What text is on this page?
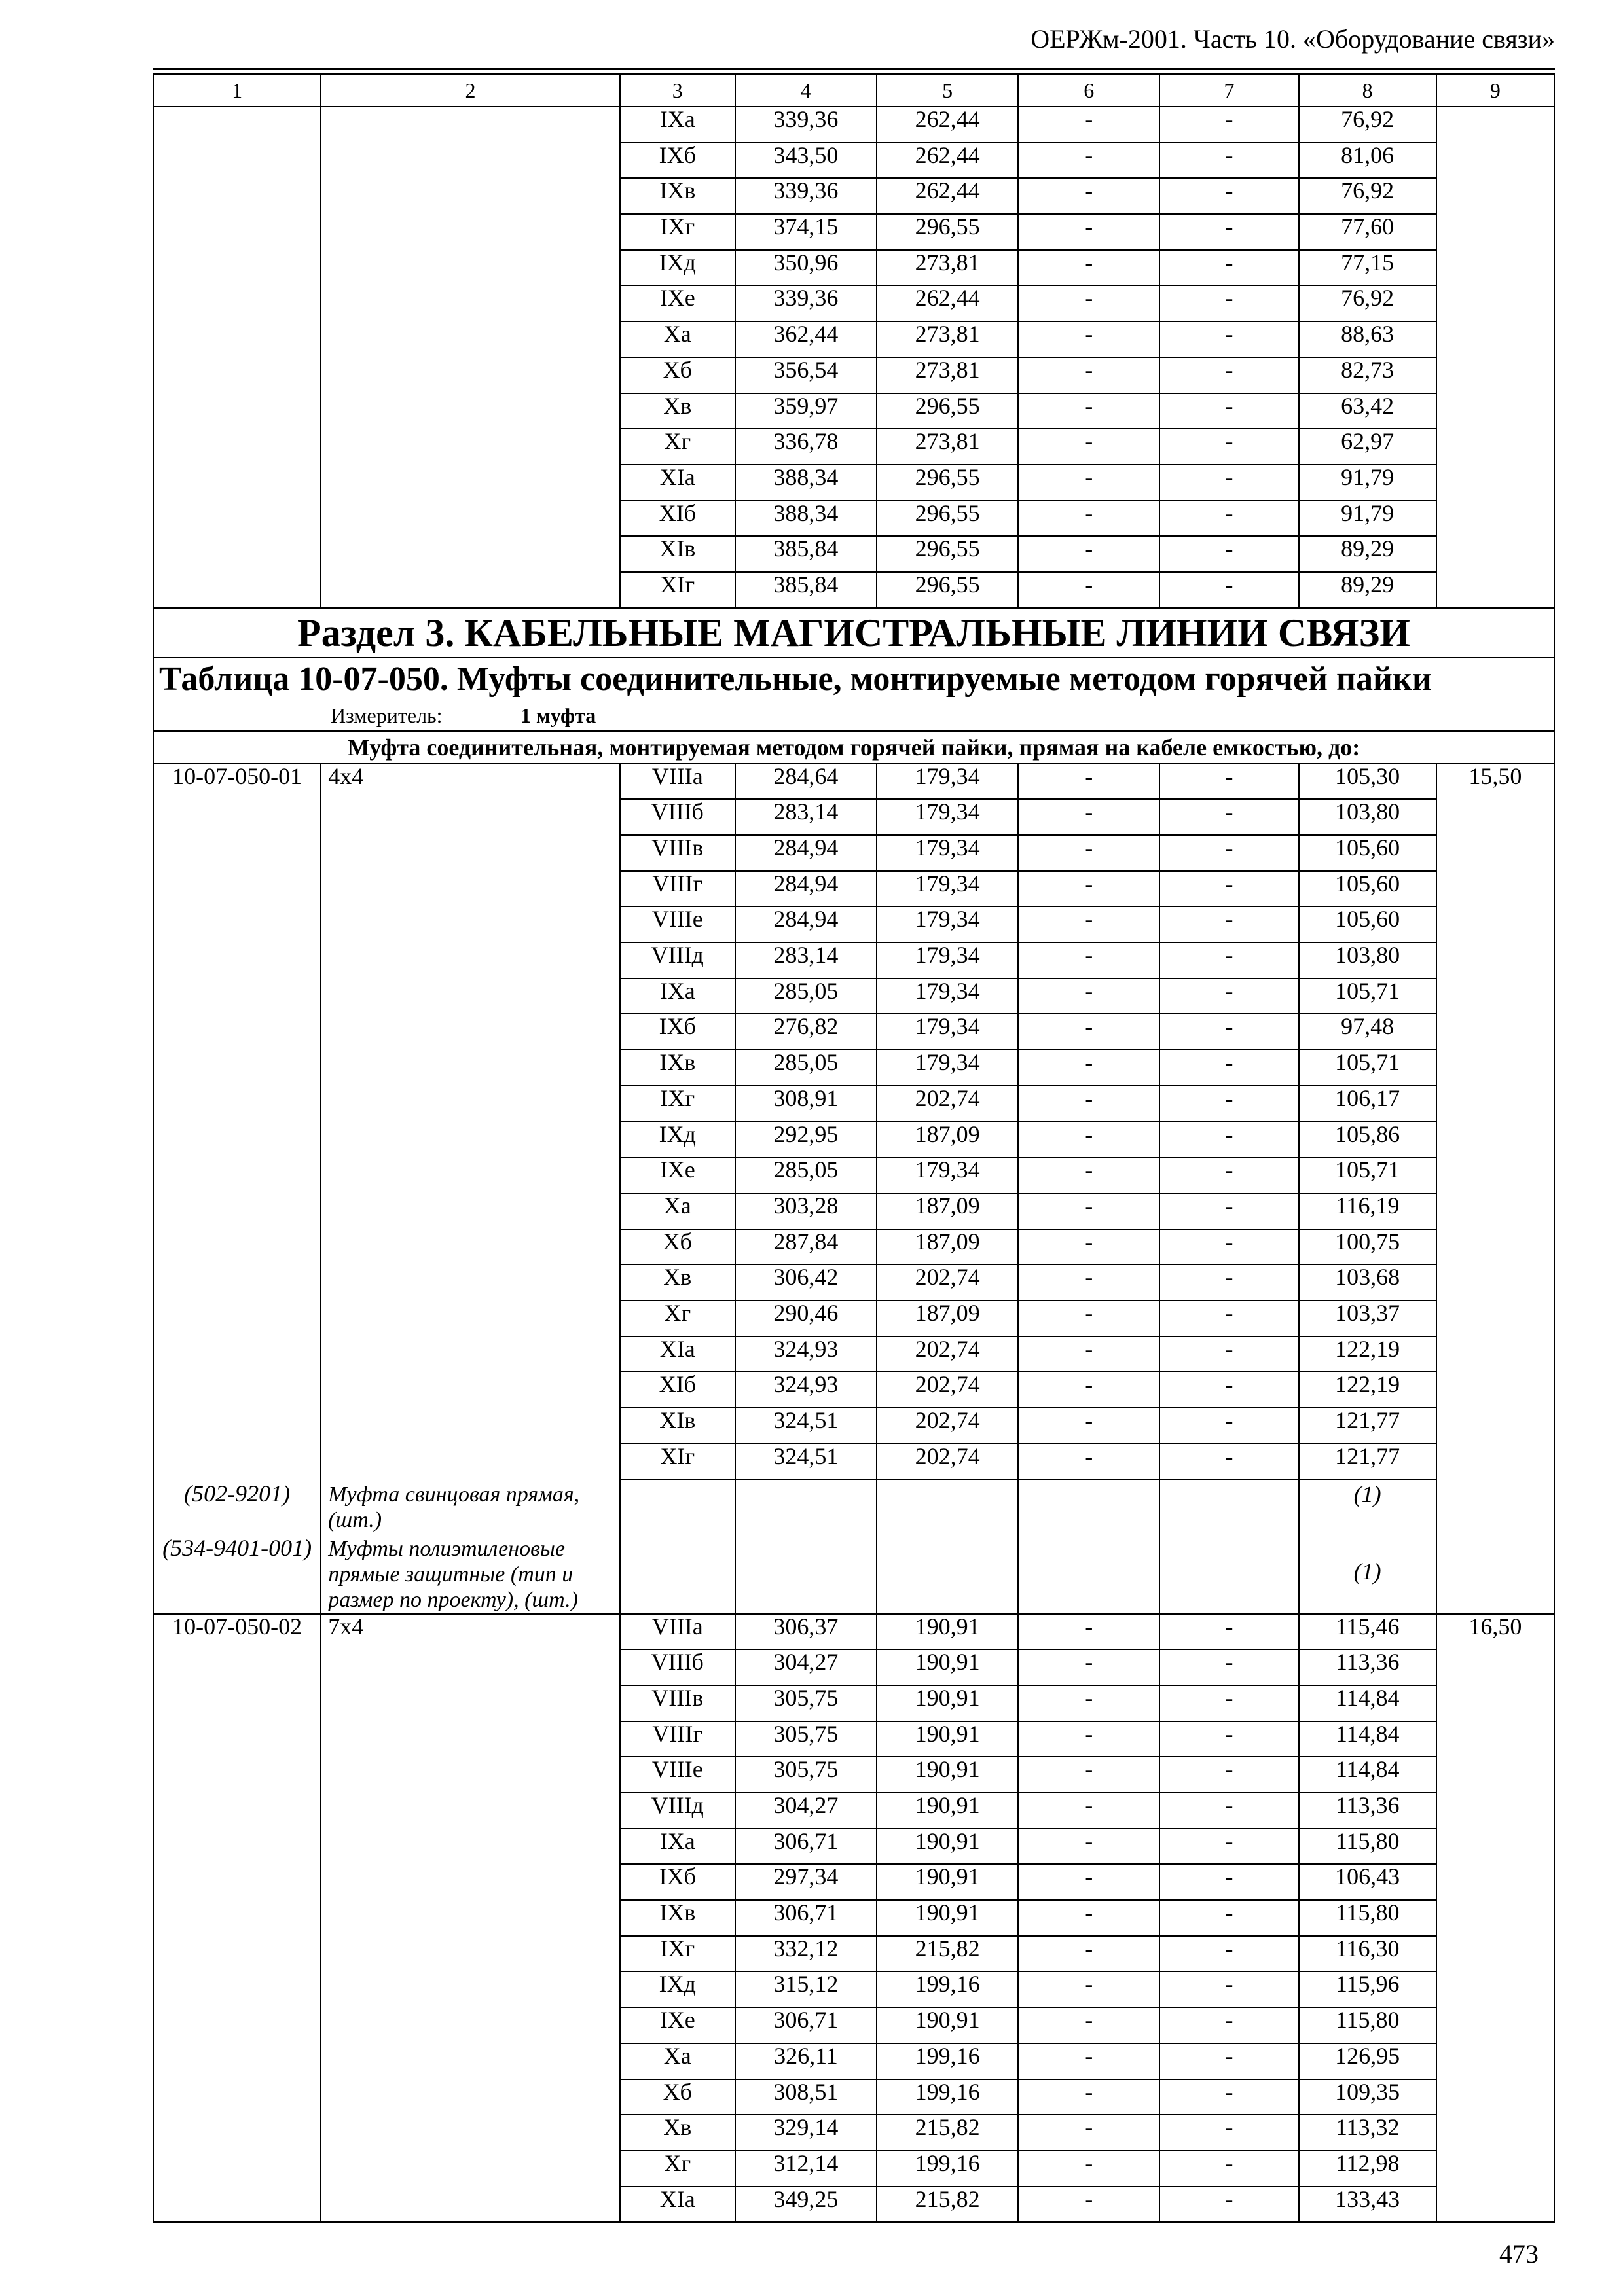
ОЕРЖм-2001. Часть 10. «Оборудование связи»
1	2	3	4	5	6	7	8	9
		IXа	339,36	262,44	-	-	76,92	
		IXб	343,50	262,44	-	-	81,06	
		IXв	339,36	262,44	-	-	76,92	
		IXг	374,15	296,55	-	-	77,60	
		IXд	350,96	273,81	-	-	77,15	
		IXе	339,36	262,44	-	-	76,92	
		Xа	362,44	273,81	-	-	88,63	
		Xб	356,54	273,81	-	-	82,73	
		Xв	359,97	296,55	-	-	63,42	
		Xг	336,78	273,81	-	-	62,97	
		XIа	388,34	296,55	-	-	91,79	
		XIб	388,34	296,55	-	-	91,79	
		XIв	385,84	296,55	-	-	89,29	
		XIг	385,84	296,55	-	-	89,29	
Раздел 3. КАБЕЛЬНЫЕ МАГИСТРАЛЬНЫЕ ЛИНИИ СВЯЗИ								
Таблица 10-07-050. Муфты соединительные, монтируемые методом горячей пайки								
Измеритель: 1 муфта								
Муфта соединительная, монтируемая методом горячей пайки, прямая на кабеле емкостью, до:								
10-07-050-01	4x4	VIIIа	284,64	179,34	-	-	105,30	15,50
		VIIIб	283,14	179,34	-	-	103,80	
		VIIIв	284,94	179,34	-	-	105,60	
		VIIIг	284,94	179,34	-	-	105,60	
		VIIIе	284,94	179,34	-	-	105,60	
		VIIIд	283,14	179,34	-	-	103,80	
		IXа	285,05	179,34	-	-	105,71	
		IXб	276,82	179,34	-	-	97,48	
		IXв	285,05	179,34	-	-	105,71	
		IXг	308,91	202,74	-	-	106,17	
		IXд	292,95	187,09	-	-	105,86	
		IXе	285,05	179,34	-	-	105,71	
		Xа	303,28	187,09	-	-	116,19	
		Xб	287,84	187,09	-	-	100,75	
		Xв	306,42	202,74	-	-	103,68	
		Xг	290,46	187,09	-	-	103,37	
		XIа	324,93	202,74	-	-	122,19	
		XIб	324,93	202,74	-	-	122,19	
		XIв	324,51	202,74	-	-	121,77	
		XIг	324,51	202,74	-	-	121,77	
(502-9201)	Муфта свинцовая прямая, (шт.)						(1)	
(534-9401-001)	Муфты полиэтиленовые прямые защитные (тип и размер по проекту), (шт.)						(1)	
10-07-050-02	7x4	VIIIа	306,37	190,91	-	-	115,46	16,50
		VIIIб	304,27	190,91	-	-	113,36	
		VIIIв	305,75	190,91	-	-	114,84	
		VIIIг	305,75	190,91	-	-	114,84	
		VIIIе	305,75	190,91	-	-	114,84	
		VIIIд	304,27	190,91	-	-	113,36	
		IXа	306,71	190,91	-	-	115,80	
		IXб	297,34	190,91	-	-	106,43	
		IXв	306,71	190,91	-	-	115,80	
		IXг	332,12	215,82	-	-	116,30	
		IXд	315,12	199,16	-	-	115,96	
		IXе	306,71	190,91	-	-	115,80	
		Xа	326,11	199,16	-	-	126,95	
		Xб	308,51	199,16	-	-	109,35	
		Xв	329,14	215,82	-	-	113,32	
		Xг	312,14	199,16	-	-	112,98	
		XIа	349,25	215,82	-	-	133,43	
473
